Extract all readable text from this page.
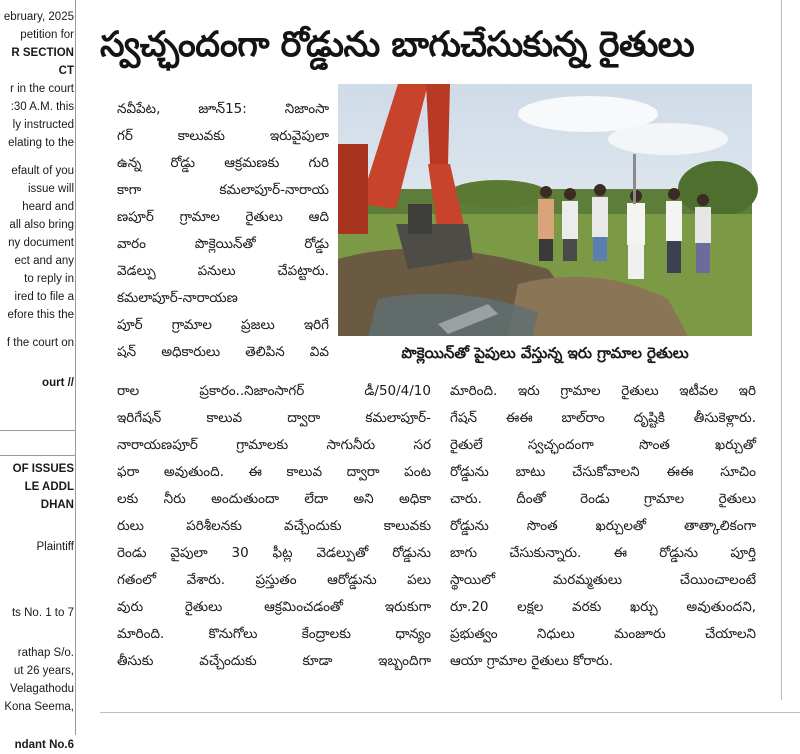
ebruary, 2025
petition for
R SECTION
CT
r in the court
:30 A.M. this
ly instructed
elating to the
efault of you
issue will
heard and
all also bring
ny document
ect and any
to reply in
ired to file a
efore this the
f the court on
ourt //
OF ISSUES
LE ADDL
DHAN
Plaintiff
ts No. 1 to 7
rathap S/o.
ut 26 years,
Velagathodu
Kona Seema,
ndant No.6
స్వచ్ఛందంగా రోడ్డును బాగుచేసుకున్న రైతులు
పొక్లెయిన్‌తో పైపులు వేస్తున్న ఇరు గ్రామాల రైతులు
నవీపేట, జూన్15: నిజాంసా
గర్ కాలువకు ఇరువైపులా
ఉన్న రోడ్డు ఆక్రమణకు గురి
కాగా కమలాపూర్-నారాయ
ణపూర్ గ్రామాల రైతులు ఆది
వారం పొక్లెయిన్‌తో రోడ్డు
వెడల్పు పనులు చేపట్టారు.
కమలాపూర్-నారాయణ
పూర్ గ్రామాల ప్రజలు ఇరిగే
షన్ అధికారులు తెలిపిన వివ
రాల ప్రకారం..నిజాంసాగర్ డీ/50/4/10
ఇరిగేషన్ కాలువ ద్వారా కమలాపూర్-
నారాయణపూర్ గ్రామాలకు సాగునీరు సర
ఫరా అవుతుంది. ఈ కాలువ ద్వారా పంట
లకు నీరు అందుతుందా లేదా అని అధికా
రులు పరిశీలనకు వచ్చేందుకు కాలువకు
రెండు వైపులా 30 ఫీట్ల వెడల్పుతో రోడ్డును
గతంలో వేశారు. ప్రస్తుతం ఆరోడ్డును పలు
వురు రైతులు ఆక్రమించడంతో ఇరుకుగా
మారింది. కొనుగోలు కేంద్రాలకు ధాన్యం
తీసుకు వచ్చేందుకు కూడా ఇబ్బందిగా
మారింది. ఇరు గ్రామాల రైతులు ఇటీవల ఇరి
గేషన్ ఈఈ బాల్‌రాం దృష్టికి తీసుకెళ్లారు.
రైతులే స్వచ్ఛందంగా సొంత ఖర్చుతో
రోడ్డును బాటు చేసుకోవాలని ఈఈ సూచిం
చారు. దీంతో రెండు గ్రామాల రైతులు
రోడ్డును సొంత ఖర్చులతో తాత్కాలికంగా
బాగు చేసుకున్నారు. ఈ రోడ్డును పూర్తి
స్థాయిలో మరమ్మతులు చేయించాలంటే
రూ.20 లక్షల వరకు ఖర్చు అవుతుందని,
ప్రభుత్వం నిధులు మంజూరు చేయాలని
ఆయా గ్రామాల రైతులు కోరారు.
